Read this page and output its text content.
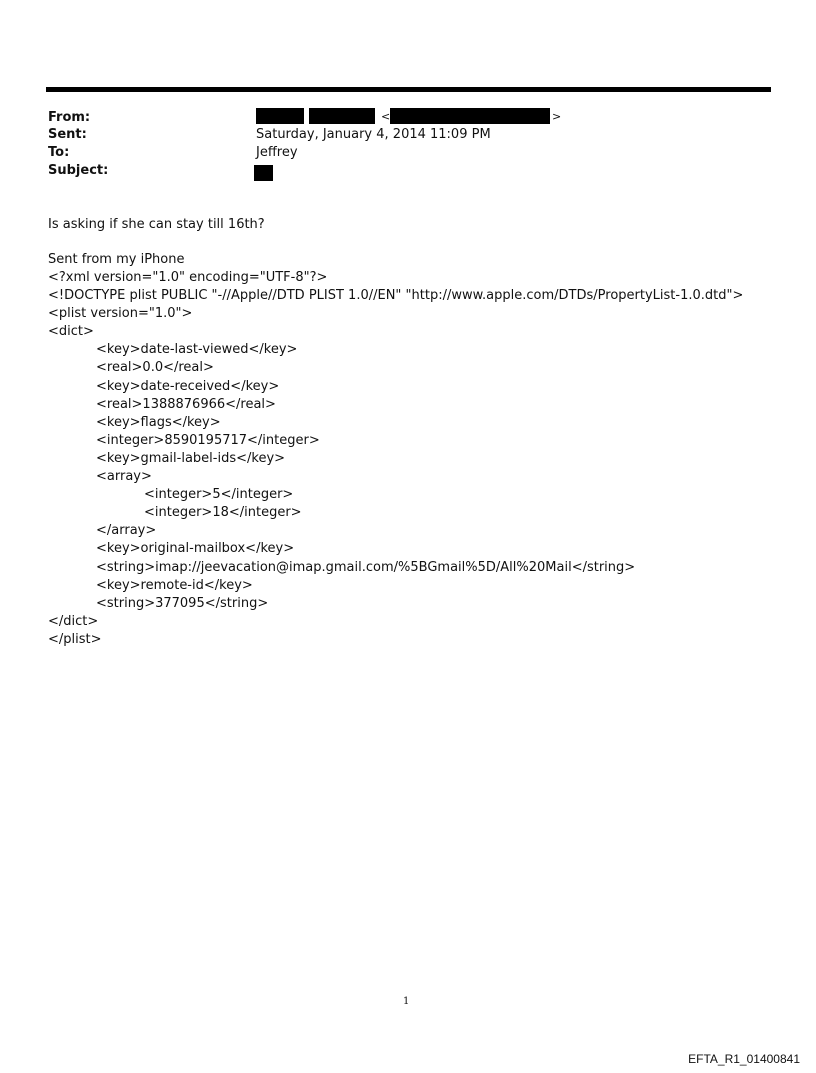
From:	<	>
Sent:	Saturday, January 4, 2014 11:09 PM
To:	Jeffrey
Subject:
Is asking if she can stay till 16th?
Sent from my iPhone
<?xml version="1.0" encoding="UTF-8"?>
<!DOCTYPE plist PUBLIC "-//Apple//DTD PLIST 1.0//EN" "http://www.apple.com/DTDs/PropertyList-1.0.dtd">
<plist version="1.0">
<dict>
<key>date-last-viewed</key>
<real>0.0</real>
<key>date-received</key>
<real>1388876966</real>
<key>flags</key>
<integer>8590195717</integer>
<key>gmail-label-ids</key>
<array>
<integer>5</integer>
<integer>18</integer>
</array>
<key>original-mailbox</key>
<string>imap://jeevacation@imap.gmail.com/%5BGmail%5D/All%20Mail</string>
<key>remote-id</key>
<string>377095</string>
</dict>
</plist>
1
EFTA_R1_01400841
